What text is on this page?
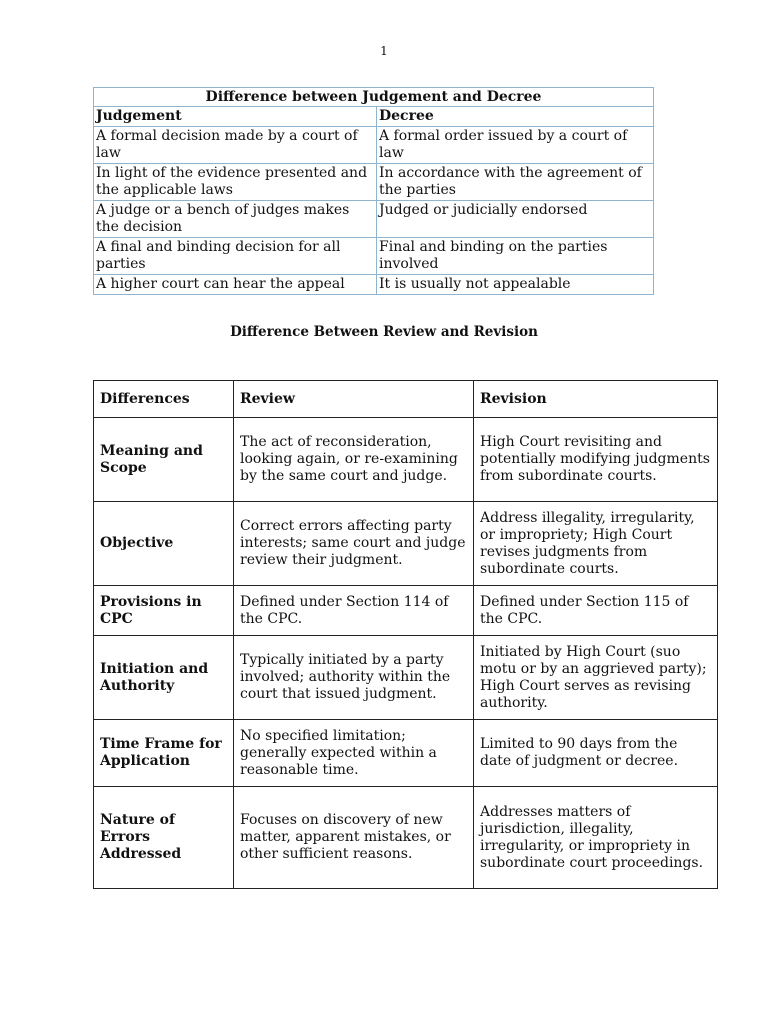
1
Difference between Judgement and Decree	
Judgement	Decree
A formal decision made by a court of law	A formal order issued by a court of law
In light of the evidence presented and the applicable laws	In accordance with the agreement of the parties
A judge or a bench of judges makes the decision	Judged or judicially endorsed
A final and binding decision for all parties	Final and binding on the parties involved
A higher court can hear the appeal	It is usually not appealable
Difference Between Review and Revision
Differences	Review	Revision
Meaning and Scope	The act of reconsideration, looking again, or re-examining by the same court and judge.	High Court revisiting and potentially modifying judgments from subordinate courts.
Objective	Correct errors affecting party interests; same court and judge review their judgment.	Address illegality, irregularity, or impropriety; High Court revises judgments from subordinate courts.
Provisions in CPC	Defined under Section 114 of the CPC.	Defined under Section 115 of the CPC.
Initiation and Authority	Typically initiated by a party involved; authority within the court that issued judgment.	Initiated by High Court (suo motu or by an aggrieved party); High Court serves as revising authority.
Time Frame for Application	No specified limitation; generally expected within a reasonable time.	Limited to 90 days from the date of judgment or decree.
Nature of Errors Addressed	Focuses on discovery of new matter, apparent mistakes, or other sufficient reasons.	Addresses matters of jurisdiction, illegality, irregularity, or impropriety in subordinate court proceedings.
